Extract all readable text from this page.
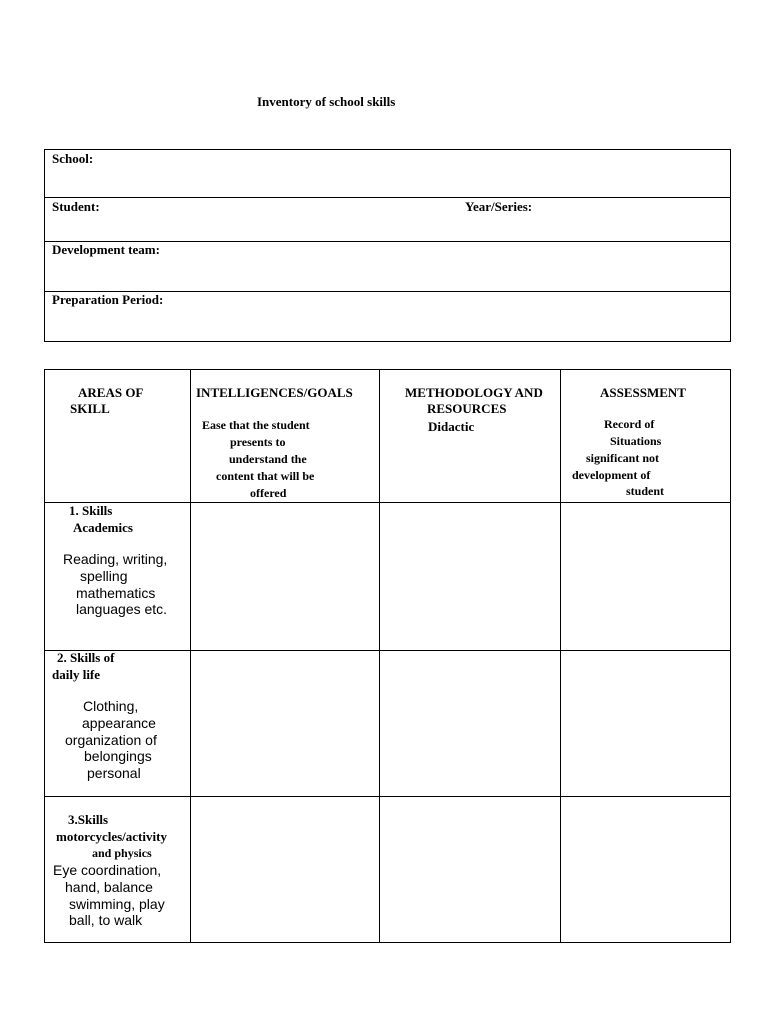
Inventory of school skills
School:
Student:	Year/Series:
Development team:
Preparation Period:
AREAS OF
SKILL
INTELLIGENCES/GOALS
Ease that the student
presents to
understand the
content that will be
offered
METHODOLOGY AND
RESOURCES
Didactic
ASSESSMENT
Record of
Situations
significant not
development of
student
1. Skills
Academics
Reading, writing,
spelling
mathematics
languages etc.
2. Skills of
daily life
Clothing,
appearance
organization of
belongings
personal
3.Skills
motorcycles/activity
and physics
Eye coordination,
hand, balance
swimming, play
ball, to walk
